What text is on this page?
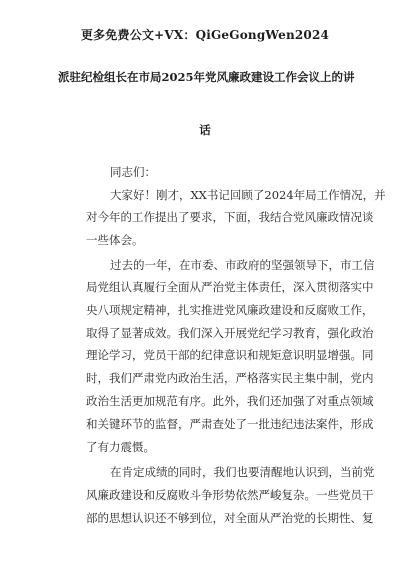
更多免费公文+VX：QiGeGongWen2024
派驻纪检组长在市局2025年党风廉政建设工作会议上的讲
话
同志们：
大家好！刚才，XX书记回顾了2024年局工作情况，并
对今年的工作提出了要求，下面，我结合党风廉政情况谈
一些体会。
过去的一年，在市委、市政府的坚强领导下，市工信
局党组认真履行全面从严治党主体责任，深入贯彻落实中
央八项规定精神，扎实推进党风廉政建设和反腐败工作，
取得了显著成效。我们深入开展党纪学习教育，强化政治
理论学习，党员干部的纪律意识和规矩意识明显增强。同
时，我们严肃党内政治生活，严格落实民主集中制，党内
政治生活更加规范有序。此外，我们还加强了对重点领域
和关键环节的监督，严肃查处了一批违纪违法案件，形成
了有力震慑。
在肯定成绩的同时，我们也要清醒地认识到，当前党
风廉政建设和反腐败斗争形势依然严峻复杂。一些党员干
部的思想认识还不够到位，对全面从严治党的长期性、复
